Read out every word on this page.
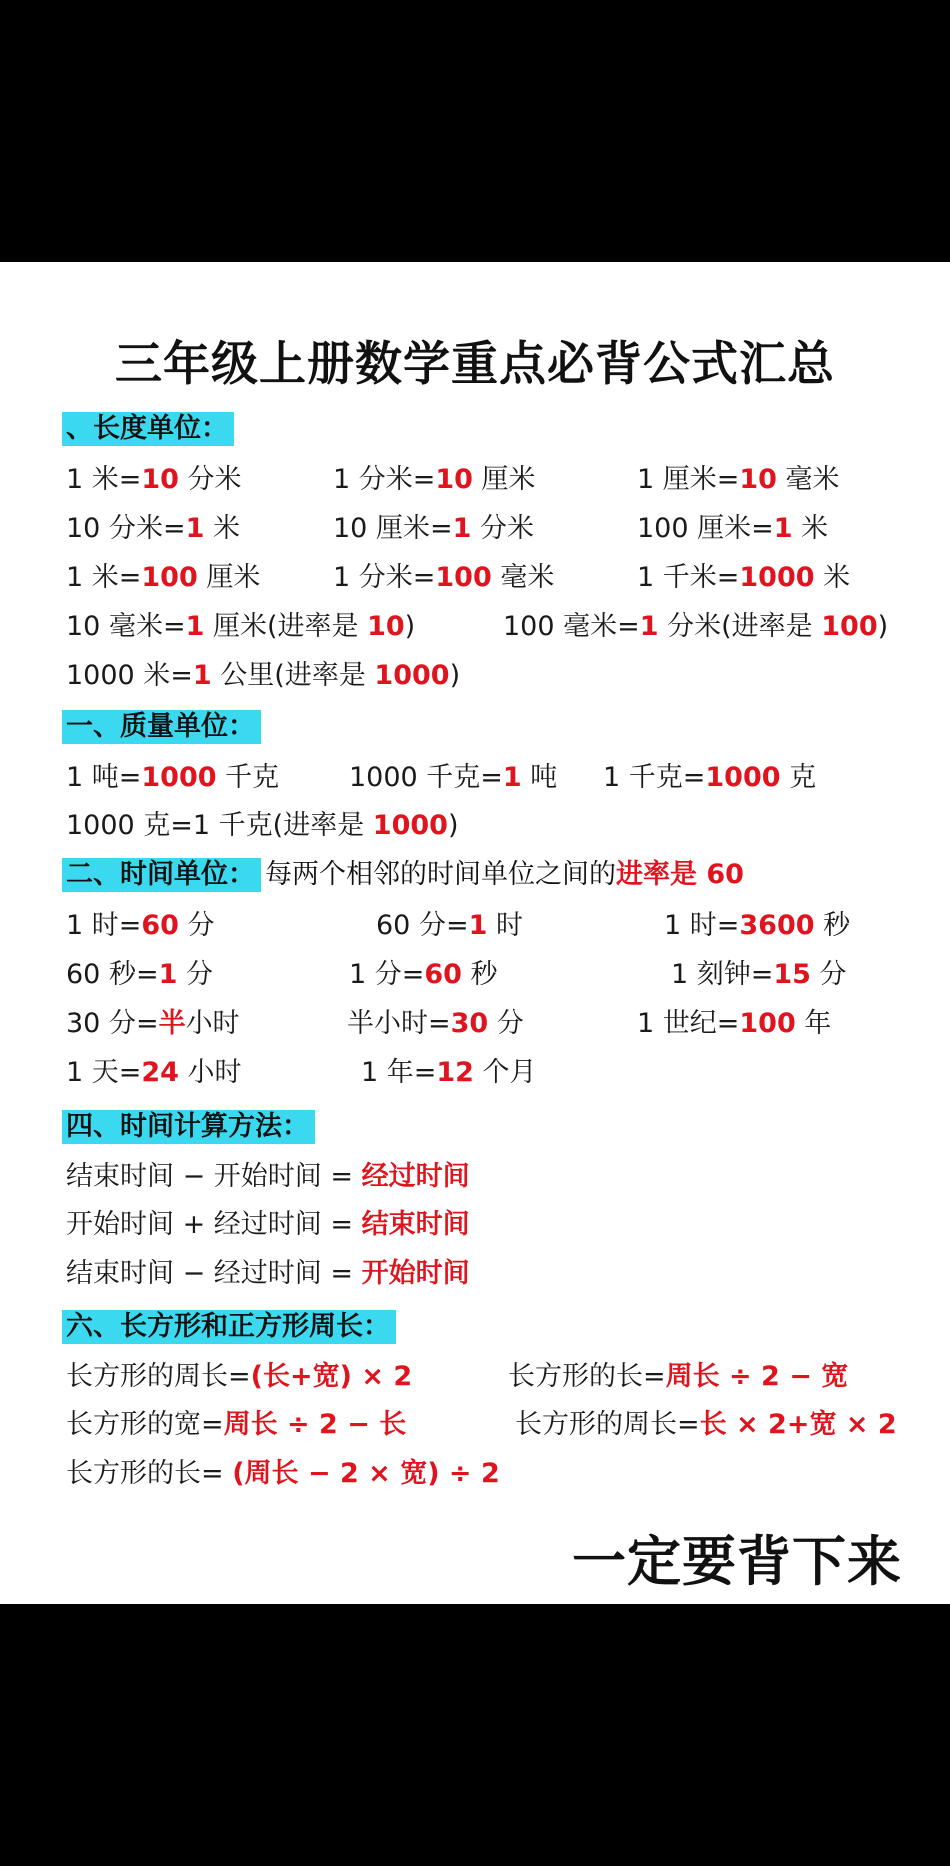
三年级上册数学重点必背公式汇总
、长度单位：
1 米=10 分米	1 分米=10 厘米	1 厘米=10 毫米
10 分米=1 米	10 厘米=1 分米	100 厘米=1 米
1 米=100 厘米	1 分米=100 毫米	1 千米=1000 米
10 毫米=1 厘米(进率是 10)	100 毫米=1 分米(进率是 100)
1000 米=1 公里(进率是 1000)
一、质量单位：
1 吨=1000 千克	1000 千克=1 吨 1 千克=1000 克
1000 克=1 千克(进率是 1000)
二、时间单位： 每两个相邻的时间单位之间的进率是 60
1 时=60 分	60 分=1 时	1 时=3600 秒
60 秒=1 分	1 分=60 秒	1 刻钟=15 分
30 分=半小时	半小时=30 分	1 世纪=100 年
1 天=24 小时	1 年=12 个月
四、时间计算方法：
结束时间 − 开始时间 = 经过时间
开始时间 + 经过时间 = 结束时间
结束时间 − 经过时间 = 开始时间
六、长方形和正方形周长：
长方形的周长=(长+宽) × 2	长方形的长=周长 ÷ 2 − 宽
长方形的宽=周长 ÷ 2 − 长	长方形的周长=长 × 2+宽 × 2
长方形的长= (周长 − 2 × 宽) ÷ 2
一定要背下来
